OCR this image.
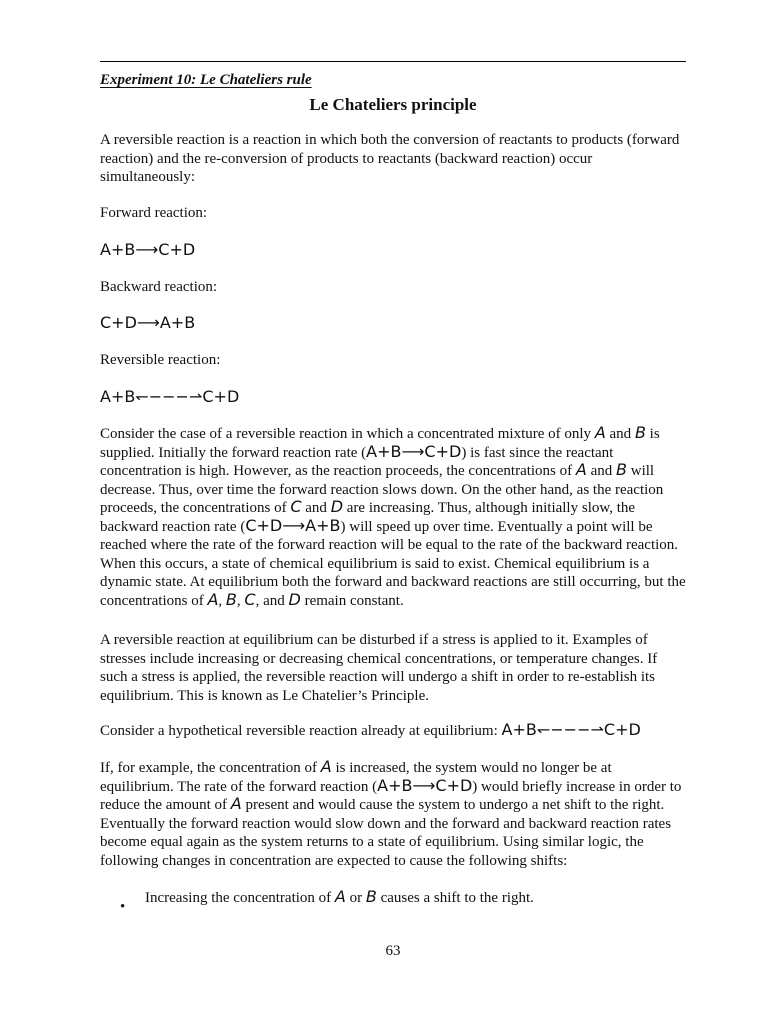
Experiment 10: Le Chateliers rule
Le Chateliers principle

A reversible reaction is a reaction in which both the conversion of reactants to products (forward reaction) and the re-conversion of products to reactants (backward reaction) occur simultaneously:

Forward reaction:

A+B⟶C+D

Backward reaction:

C+D⟶A+B

Reversible reaction:

A+B↽−−−⇀C+D

Consider the case of a reversible reaction in which a concentrated mixture of only A and B is supplied. Initially the forward reaction rate (A+B⟶C+D) is fast since the reactant concentration is high. However, as the reaction proceeds, the concentrations of A and B will decrease. Thus, over time the forward reaction slows down. On the other hand, as the reaction proceeds, the concentrations of C and D are increasing. Thus, although initially slow, the backward reaction rate (C+D⟶A+B) will speed up over time. Eventually a point will be reached where the rate of the forward reaction will be equal to the rate of the backward reaction. When this occurs, a state of chemical equilibrium is said to exist. Chemical equilibrium is a dynamic state. At equilibrium both the forward and backward reactions are still occurring, but the concentrations of A, B, C, and D remain constant.

A reversible reaction at equilibrium can be disturbed if a stress is applied to it. Examples of stresses include increasing or decreasing chemical concentrations, or temperature changes. If such a stress is applied, the reversible reaction will undergo a shift in order to re-establish its equilibrium. This is known as Le Chatelier’s Principle.

Consider a hypothetical reversible reaction already at equilibrium: A+B↽−−−⇀C+D

If, for example, the concentration of A is increased, the system would no longer be at equilibrium. The rate of the forward reaction (A+B⟶C+D) would briefly increase in order to reduce the amount of A present and would cause the system to undergo a net shift to the right. Eventually the forward reaction would slow down and the forward and backward reaction rates become equal again as the system returns to a state of equilibrium. Using similar logic, the following changes in concentration are expected to cause the following shifts:

•

Increasing the concentration of A or B causes a shift to the right.

63
